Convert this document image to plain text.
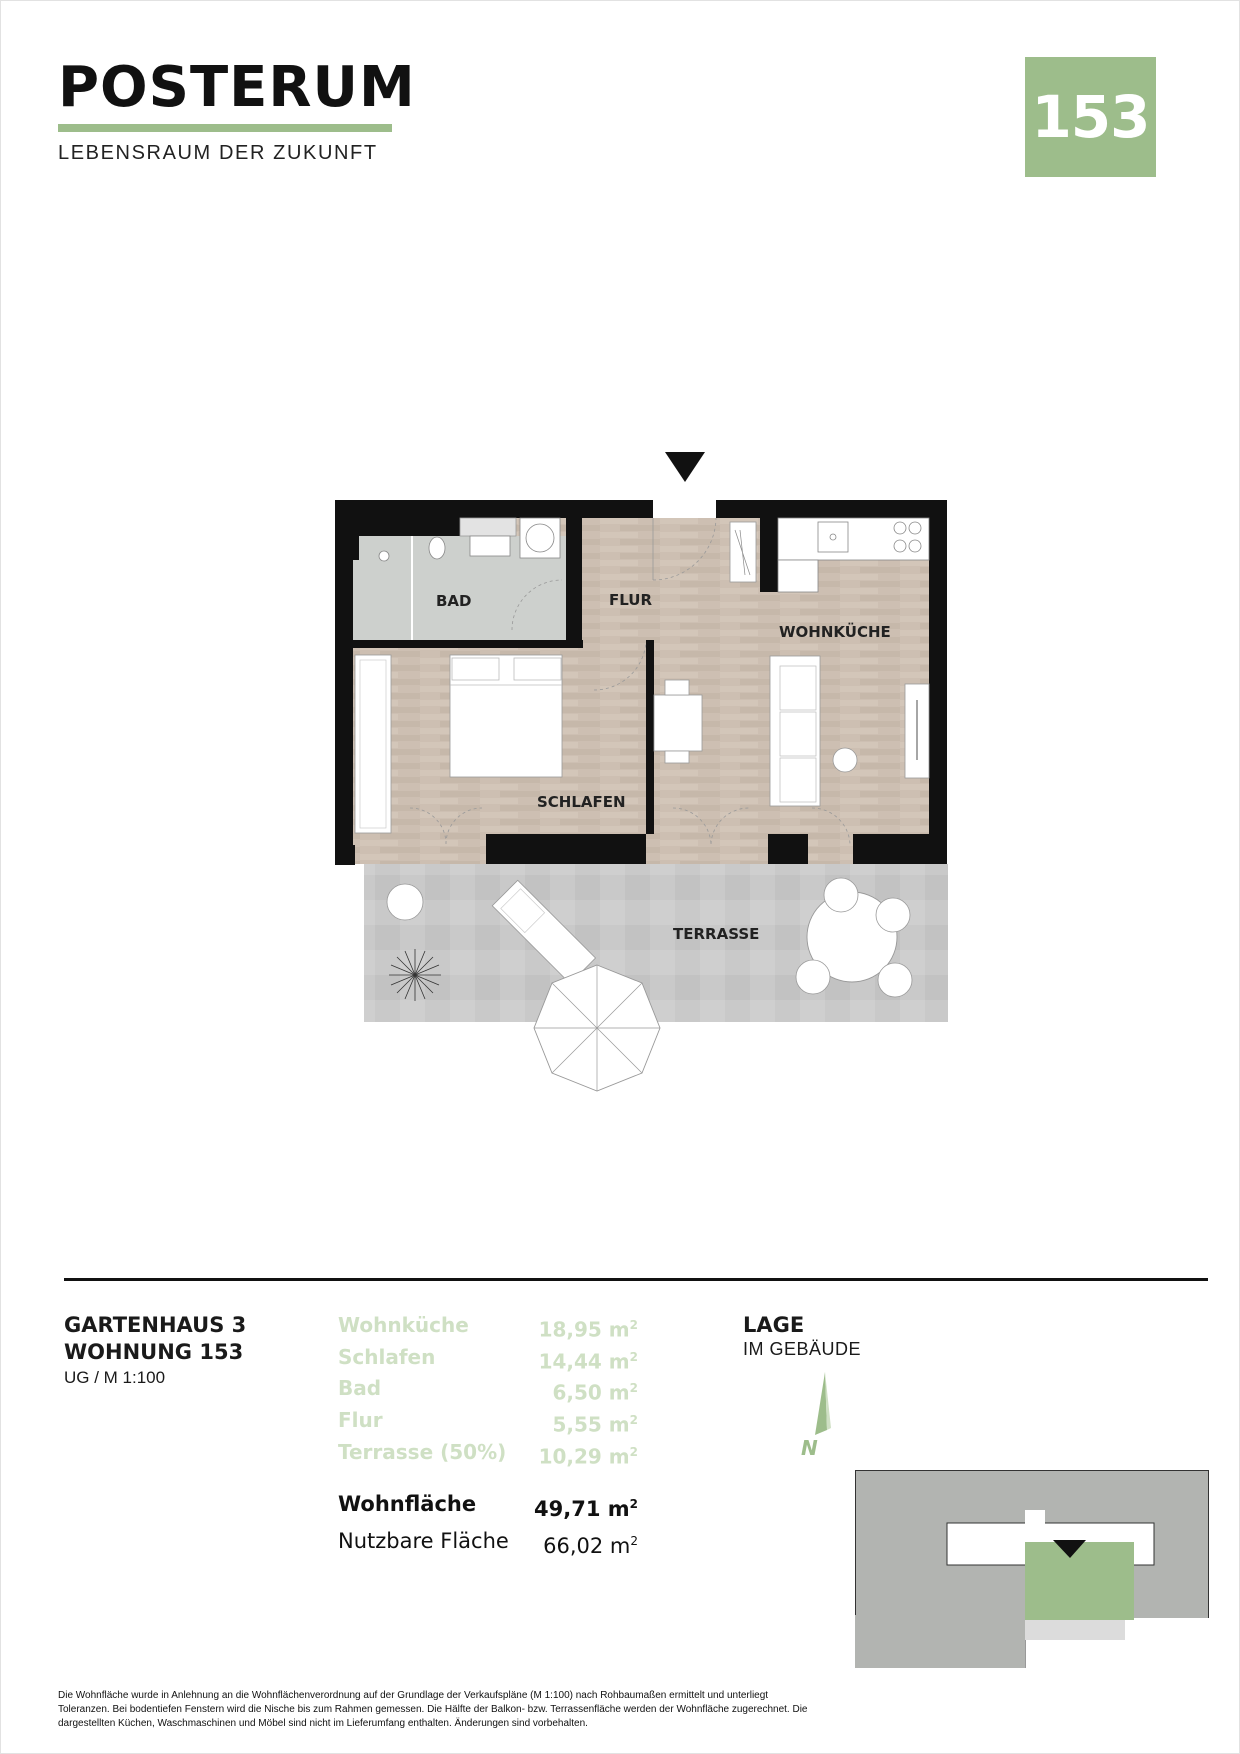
POSTERUM
LEBENSRAUM DER ZUKUNFT
153
BAD	FLUR
WOHNKÜCHE
SCHLAFEN
TERRASSE
GARTENHAUS 3
WOHNUNG 153
UG / M 1:100
Wohnküche	18,95 $m^2$
Schlafen	14,44 $m^2$
Bad	6,50 $m^2$
Flur	5,55 $m^2$
Terrasse (50%) 10,29 $m^2$
Wohnfläche	49,71 $m^2$
Nutzbare Fläche 66,02 $m^2$
LAGE
IM GEBÄUDE
N
Die Wohnfläche wurde in Anlehnung an die Wohnflächenverordnung auf der Grundlage der Verkaufspläne (M 1:100) nach Rohbaumaßen ermittelt und unterliegt Toleranzen. Bei bodentiefen Fenstern wird die Nische bis zum Rahmen gemessen. Die Hälfte der Balkon- bzw. Terrassenfläche werden der Wohnfläche zugerechnet. Die dargestellten Küchen, Waschmaschinen und Möbel sind nicht im Lieferumfang enthalten. Änderungen sind vorbehalten.
